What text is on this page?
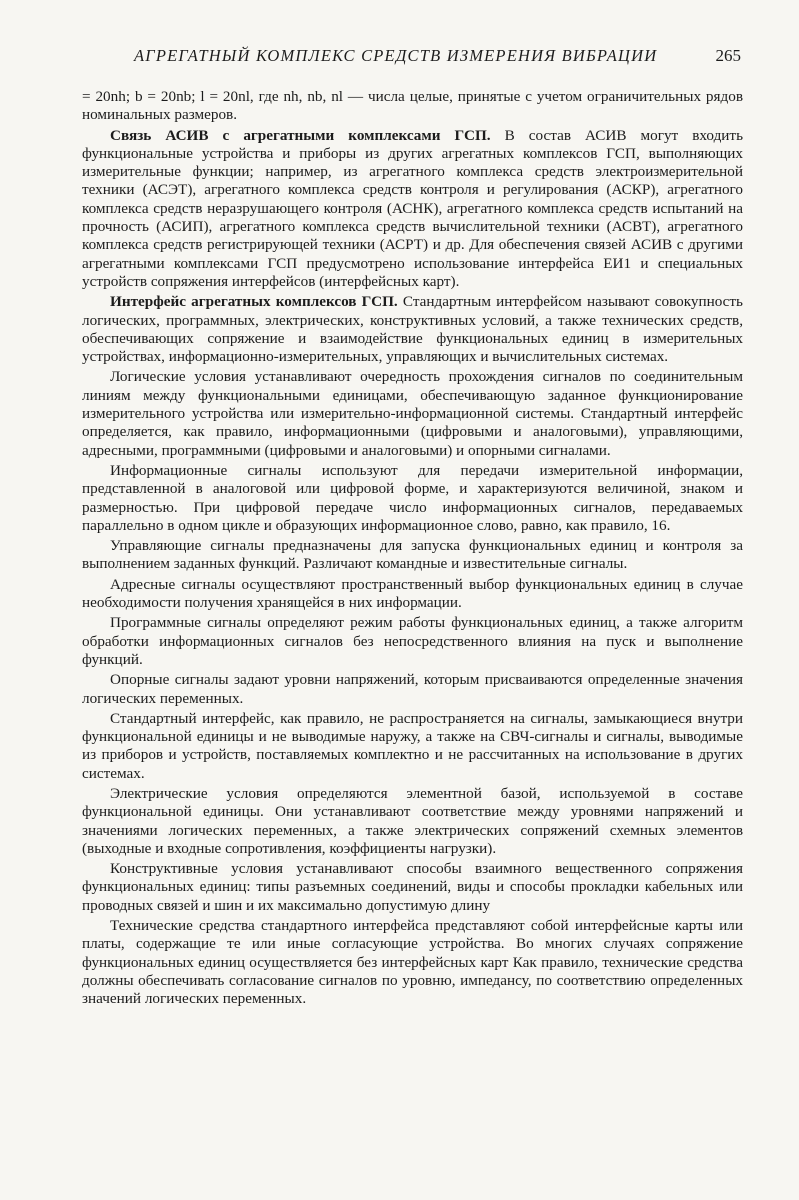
АГРЕГАТНЫЙ КОМПЛЕКС СРЕДСТВ ИЗМЕРЕНИЯ ВИБРАЦИИ	265

= 20nh; b = 20nb; l = 20nl, где nh, nb, nl — числа целые, принятые с учетом ограничительных рядов номинальных размеров.

Связь АСИВ с агрегатными комплексами ГСП. В состав АСИВ могут входить функциональные устройства и приборы из других агрегатных комплексов ГСП, выполняющих измерительные функции; например, из агрегатного комплекса средств электроизмерительной техники (АСЭТ), агрегатного комплекса средств контроля и регулирования (АСКР), агрегатного комплекса средств неразрушающего контроля (АСНК), агрегатного комплекса средств испытаний на прочность (АСИП), агрегатного комплекса средств вычислительной техники (АСВТ), агрегатного комплекса средств регистрирующей техники (АСРТ) и др. Для обеспечения связей АСИВ с другими агрегатными комплексами ГСП предусмотрено использование интерфейса ЕИ1 и специальных устройств сопряжения интерфейсов (интерфейсных карт).

Интерфейс агрегатных комплексов ГСП. Стандартным интерфейсом называют совокупность логических, программных, электрических, конструктивных условий, а также технических средств, обеспечивающих сопряжение и взаимодействие функциональных единиц в измерительных устройствах, информационно-измерительных, управляющих и вычислительных системах.

Логические условия устанавливают очередность прохождения сигналов по соединительным линиям между функциональными единицами, обеспечивающую заданное функционирование измерительного устройства или измерительно-информационной системы. Стандартный интерфейс определяется, как правило, информационными (цифровыми и аналоговыми), управляющими, адресными, программными (цифровыми и аналоговыми) и опорными сигналами.

Информационные сигналы используют для передачи измерительной информации, представленной в аналоговой или цифровой форме, и характеризуются величиной, знаком и размерностью. При цифровой передаче число информационных сигналов, передаваемых параллельно в одном цикле и образующих информационное слово, равно, как правило, 16.

Управляющие сигналы предназначены для запуска функциональных единиц и контроля за выполнением заданных функций. Различают командные и известительные сигналы.

Адресные сигналы осуществляют пространственный выбор функциональных единиц в случае необходимости получения хранящейся в них информации.

Программные сигналы определяют режим работы функциональных единиц, а также алгоритм обработки информационных сигналов без непосредственного влияния на пуск и выполнение функций.

Опорные сигналы задают уровни напряжений, которым присваиваются определенные значения логических переменных.

Стандартный интерфейс, как правило, не распространяется на сигналы, замыкающиеся внутри функциональной единицы и не выводимые наружу, а также на СВЧ-сигналы и сигналы, выводимые из приборов и устройств, поставляемых комплектно и не рассчитанных на использование в других системах.

Электрические условия определяются элементной базой, используемой в составе функциональной единицы. Они устанавливают соответствие между уровнями напряжений и значениями логических переменных, а также электрических сопряжений схемных элементов (выходные и входные сопротивления, коэффициенты нагрузки).

Конструктивные условия устанавливают способы взаимного вещественного сопряжения функциональных единиц: типы разъемных соединений, виды и способы прокладки кабельных или проводных связей и шин и их максимально допустимую длину

Технические средства стандартного интерфейса представляют собой интерфейсные карты или платы, содержащие те или иные согласующие устройства. Во многих случаях сопряжение функциональных единиц осуществляется без интерфейсных карт Как правило, технические средства должны обеспечивать согласование сигналов по уровню, импедансу, по соответствию определенных значений логических переменных.
